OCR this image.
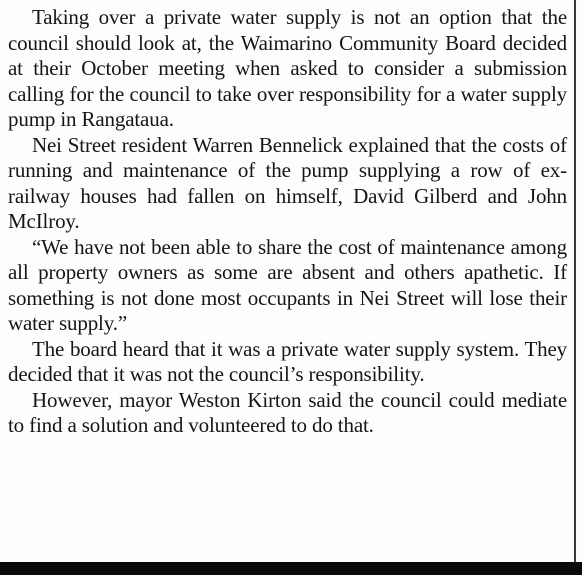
Taking over a private water supply is not an option that the council should look at, the Waimarino Community Board decided at their October meeting when asked to consider a submission calling for the council to take over responsibility for a water supply pump in Rangataua.

Nei Street resident Warren Bennelick explained that the costs of running and maintenance of the pump supplying a row of ex-railway houses had fallen on himself, David Gilberd and John McIlroy.

“We have not been able to share the cost of maintenance among all property owners as some are absent and others apathetic. If something is not done most occupants in Nei Street will lose their water supply.”

The board heard that it was a private water supply system. They decided that it was not the council’s responsibility.

However, mayor Weston Kirton said the council could mediate to find a solution and volunteered to do that.
